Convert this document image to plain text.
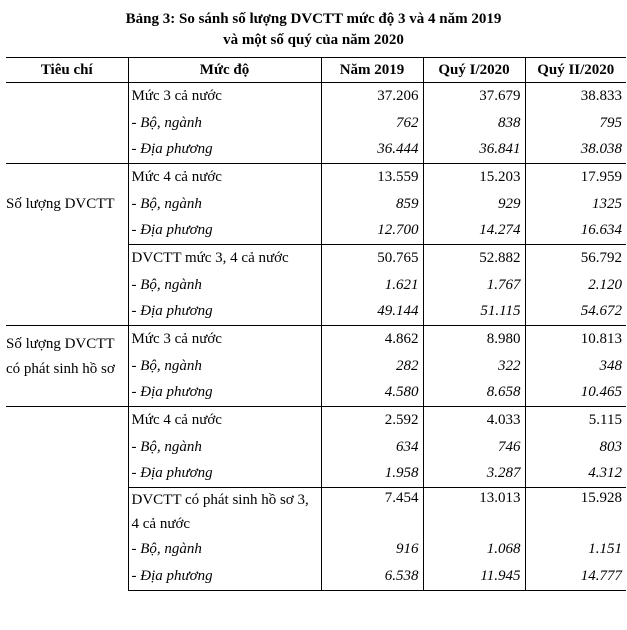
Bảng 3: So sánh số lượng DVCTT mức độ 3 và 4 năm 2019
và một số quý của năm 2020
Tiêu chí	Mức độ	Năm 2019	Quý I/2020	Quý II/2020
	Mức 3 cả nước	37.206	37.679	38.833
	- Bộ, ngành	762	838	795
	- Địa phương	36.444	36.841	38.038
Số lượng DVCTT	Mức 4 cả nước	13.559	15.203	17.959
	- Bộ, ngành	859	929	1325
	- Địa phương	12.700	14.274	16.634
	DVCTT mức 3, 4 cả nước	50.765	52.882	56.792
	- Bộ, ngành	1.621	1.767	2.120
	- Địa phương	49.144	51.115	54.672
Số lượng DVCTT có phát sinh hồ sơ	Mức 3 cả nước	4.862	8.980	10.813
	- Bộ, ngành	282	322	348
	- Địa phương	4.580	8.658	10.465
	Mức 4 cả nước	2.592	4.033	5.115
	- Bộ, ngành	634	746	803
	- Địa phương	1.958	3.287	4.312
	DVCTT có phát sinh hồ sơ 3, 4 cả nước	7.454	13.013	15.928
	- Bộ, ngành	916	1.068	1.151
	- Địa phương	6.538	11.945	14.777
